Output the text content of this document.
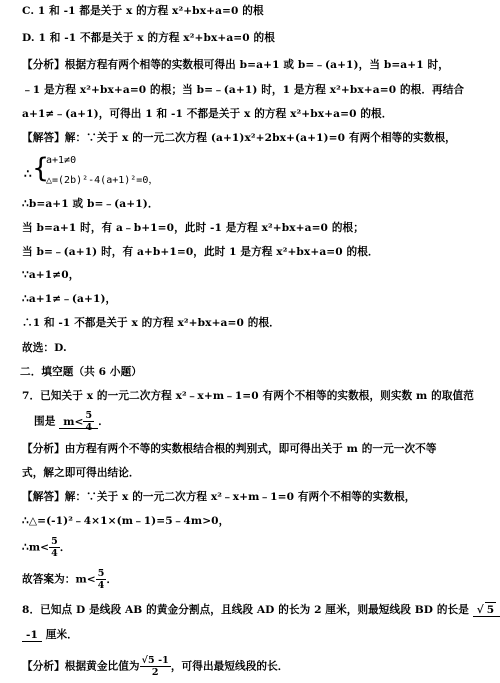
C. 1 和 -1 都是关于 x 的方程 x²+bx+a=0 的根
D. 1 和 -1 不都是关于 x 的方程 x²+bx+a=0 的根
【分析】根据方程有两个相等的实数根可得出 b=a+1 或 b=﹣(a+1)，当 b=a+1 时，
﹣1 是方程 x²+bx+a=0 的根；当 b=﹣(a+1) 时，1 是方程 x²+bx+a=0 的根．再结合
a+1≠﹣(a+1)，可得出 1 和 -1 不都是关于 x 的方程 x²+bx+a=0 的根．
【解答】解：∵关于 x 的一元二次方程 (a+1)x²+2bx+(a+1)=0 有两个相等的实数根，
∴ {
a+1≠0
△=(2b)²-4(a+1)²=0，
∴b=a+1 或 b=﹣(a+1)．
当 b=a+1 时，有 a﹣b+1=0，此时 -1 是方程 x²+bx+a=0 的根；
当 b=﹣(a+1) 时，有 a+b+1=0，此时 1 是方程 x²+bx+a=0 的根．
∵a+1≠0，
∴a+1≠﹣(a+1)，
∴1 和 -1 不都是关于 x 的方程 x²+bx+a=0 的根．
故选：D.
二．填空题（共 6 小题）
7．已知关于 x 的一元二次方程 x²﹣x+m﹣1=0 有两个不相等的实数根，则实数 m 的取值范
围是 $m< \frac{5}{4}$ ．
【分析】由方程有两个不等的实数根结合根的判别式，即可得出关于 m 的一元一次不等
式，解之即可得出结论．
【解答】解：∵关于 x 的一元二次方程 x²﹣x+m﹣1=0 有两个不相等的实数根，
∴△=(-1)²﹣4×1×(m﹣1)=5﹣4m>0，
∴m< $\frac{5}{4}$ ．
故答案为：$m< \frac{5}{4}$ ．
8．已知点 D 是线段 AB 的黄金分割点，且线段 AD 的长为 2 厘米，则最短线段 BD 的长是 √ 5
-1 厘米．
【分析】根据黄金比值为 $\frac{√5 -1}{2}$ ，可得出最短线段的长．
